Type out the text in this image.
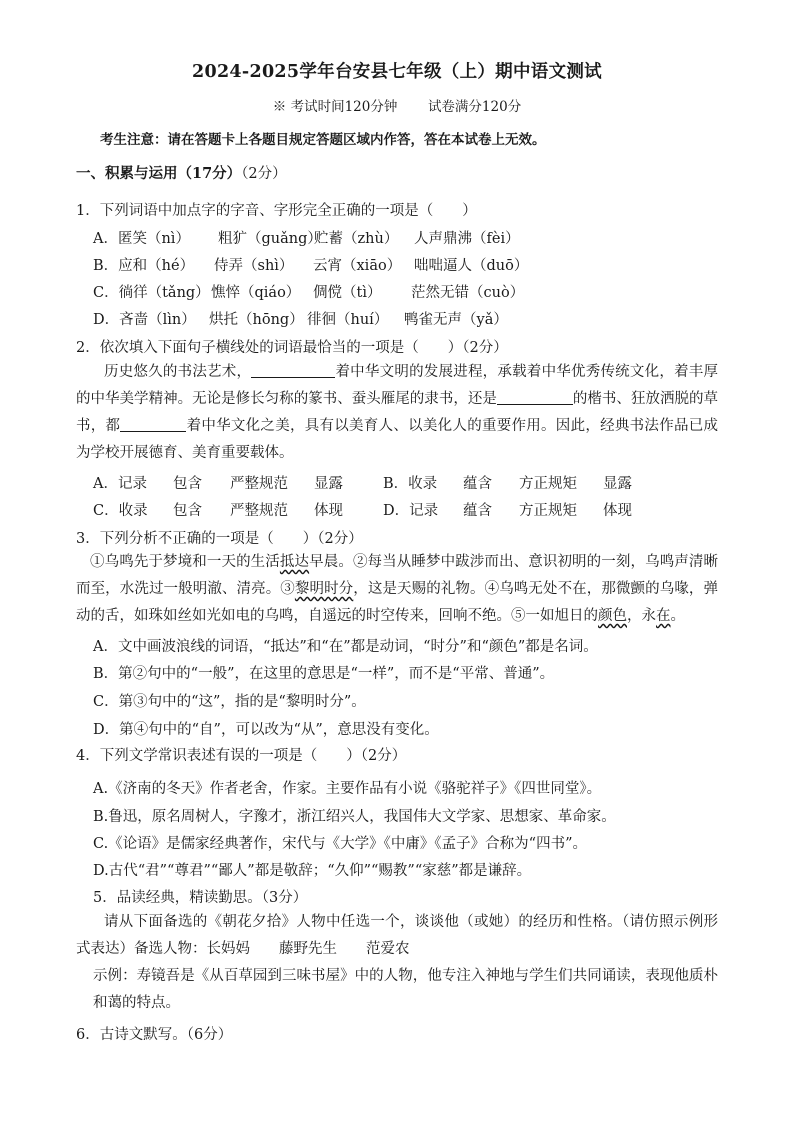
2024-2025学年台安县七年级（上）期中语文测试
※ 考试时间120分钟 试卷满分120分
考生注意：请在答题卡上各题目规定答题区域内作答，答在本试卷上无效。
一、积累与运用（17分）（2分）
1．下列词语中加点字的字音、字形完全正确的一项是（　　）
A．匿笑（nì） 粗犷（guǎng）贮蓄（zhù） 人声鼎沸（fèi）
B．应和（hé） 侍弄（shì） 云宵（xiāo） 咄咄逼人（duō）
C．徜徉（tǎng）憔悴（qiáo） 倜傥（tì） 茫然无错（cuò）
D．吝啬（lìn） 烘托（hōng） 徘徊（huí） 鸭雀无声（yǎ）
2．依次填入下面句子横线处的词语最恰当的一项是（　　）（2分）
历史悠久的书法艺术，	着中华文明的发展进程，承载着中华优秀传统文化，着丰厚的中华美学精神。无论是修长匀称的篆书、蚕头雁尾的隶书，还是	的楷书、狂放洒脱的草书，都	着中华文化之美，具有以美育人、以美化人的重要作用。因此，经典书法作品已成为学校开展德育、美育重要载体。
A．记录 包含 严整规范 显露	B．收录 蕴含 方正规矩 显露
C．收录 包含 严整规范 体现	D．记录 蕴含 方正规矩 体现
3．下列分析不正确的一项是（　　）（2分）
①乌鸣先于梦境和一天的生活抵达早晨。②每当从睡梦中跋涉而出、意识初明的一刻，乌鸣声清晰而至，水洗过一般明澈、清亮。③黎明时分，这是天赐的礼物。④乌鸣无处不在，那微颤的乌喙，弹动的舌，如珠如丝如光如电的乌鸣，自遥远的时空传来，回响不绝。⑤一如旭日的颜色，永在。
A．文中画波浪线的词语，“抵达”和“在”都是动词，“时分”和“颜色”都是名词。
B．第②句中的“一般”，在这里的意思是“一样”，而不是“平常、普通”。
C．第③句中的“这”，指的是“黎明时分”。
D．第④句中的“自”，可以改为“从”，意思没有变化。
4．下列文学常识表述有误的一项是（　　）（2分）
A.《济南的冬天》作者老舍，作家。主要作品有小说《骆驼祥子》《四世同堂》。
B.鲁迅，原名周树人，字豫才，浙江绍兴人，我国伟大文学家、思想家、革命家。
C.《论语》是儒家经典著作，宋代与《大学》《中庸》《孟子》合称为“四书”。
D.古代“君”“尊君”“鄙人”都是敬辞；“久仰”“赐教”“家慈”都是谦辞。
5．品读经典，精读勤思。（3分）
请从下面备选的《朝花夕拾》人物中任选一个，谈谈他（或她）的经历和性格。（请仿照示例形式表达）备选人物：长妈妈　　藤野先生　　范爱农
示例：寿镜吾是《从百草园到三味书屋》中的人物，他专注入神地与学生们共同诵读，表现他质朴和蔼的特点。
6．古诗文默写。（6分）
